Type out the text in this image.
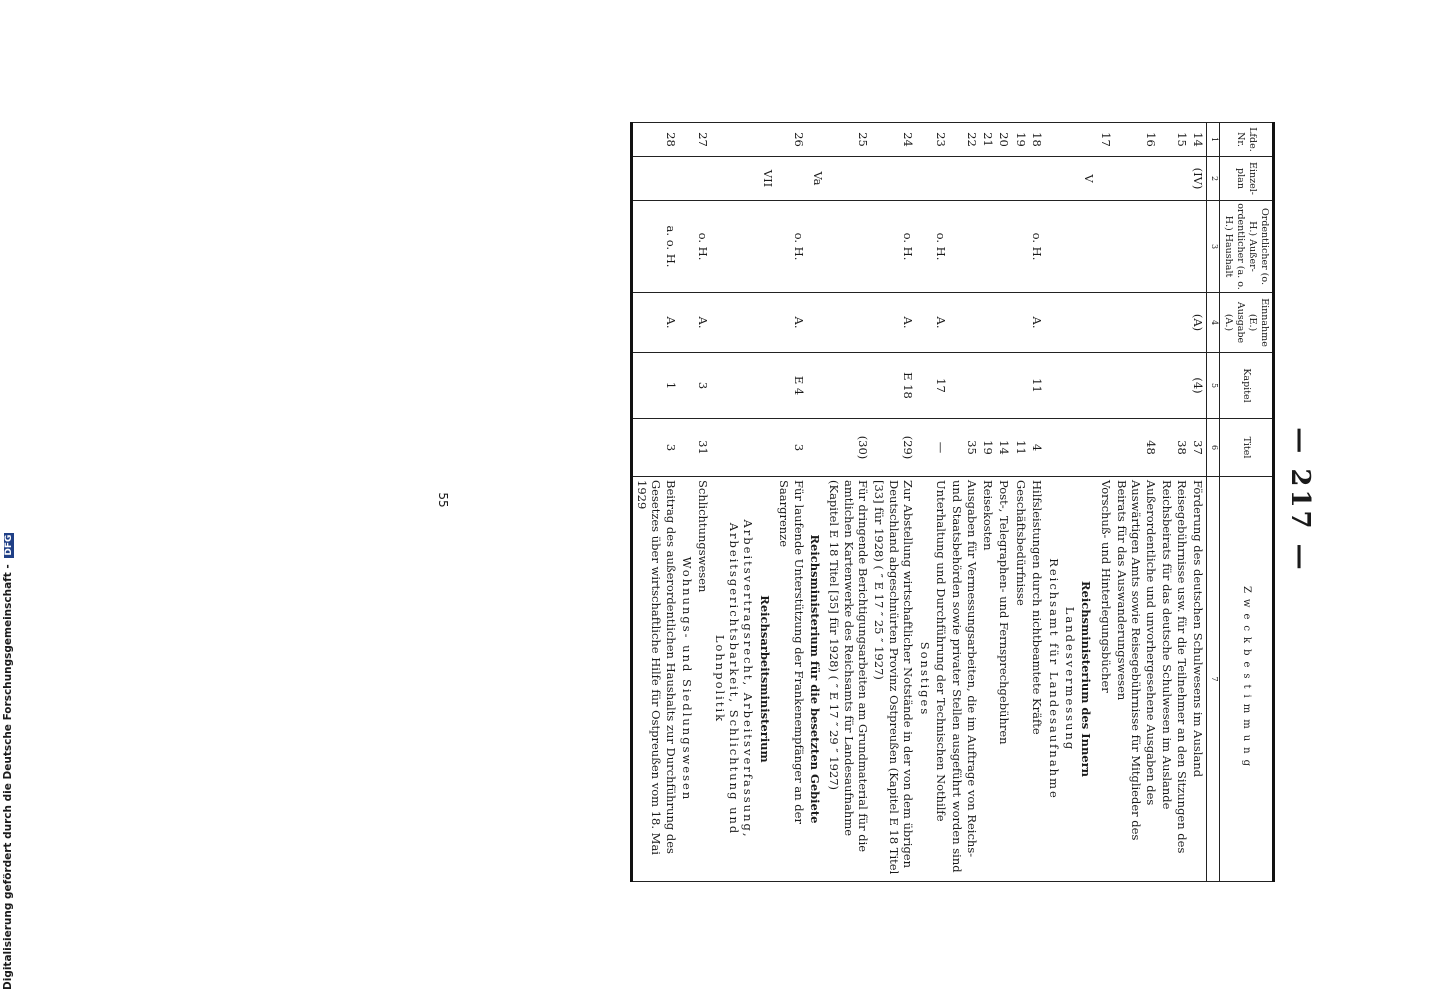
— 217 —
Lfde. Nr.	Einzel-plan	Ordentlicher (o. H.) Außer-ordentlicher (a. o. H.) Haushalt	Einnahme (E.) Ausgabe (A.)	Kapitel	Titel	Zweckbestimmung
1	2	3	4	5	6	7
14	(IV)		(A)	(4)	37	Förderung des deutschen Schulwesens im Ausland
15					38	Reisegebührnisse usw. für die Teilnehmer an den Sitzungen des Reichsbeirats für das deutsche Schulwesen im Auslande
16					48	Außerordentliche und unvorhergesehene Ausgaben des Auswärtigen Amts sowie Reisegebührnisse für Mitglieder des Beirats für das Auswanderungswesen
17						Vorschuß- und Hinterlegungsbücher
	V					Reichsministerium des Innern
						Landesvermessung
						Reichsamt für Landesaufnahme
18		o. H.	A.	11	4	Hilfsleistungen durch nichtbeamtete Kräfte
19					11	Geschäftsbedürfnisse
20					14	Post-, Telegraphen- und Fernsprechgebühren
21					19	Reisekosten
22					35	Ausgaben für Vermessungsarbeiten, die im Auftrage von Reichs- und Staatsbehörden sowie privater Stellen ausgeführt worden sind
23		o. H.	A.	17	—	Unterhaltung und Durchführung der Technischen Nothilfe
						Sonstiges
24		o. H.	A.	E 18	(29)	Zur Abstellung wirtschaftlicher Notstände in der von dem übrigen Deutschland abgeschnürten Provinz Ostpreußen (Kapitel E 18 Titel [33] für 1928) ( ″ E 17 ″ 25 ″ 1927)
25					(30)	Für dringende Berichtigungsarbeiten am Grundmaterial für die amtlichen Kartenwerke des Reichsamts für Landesaufnahme (Kapitel E 18 Titel [35] für 1928) ( ″ E 17 ″ 29 ″ 1927)
	Va					Reichsministerium für die besetzten Gebiete
26		o. H.	A.	E 4	3	Für laufende Unterstützung der Frankenempfänger an der Saargrenze
	VII					Reichsarbeitsministerium
						Arbeitsvertragsrecht, Arbeitsverfassung, Arbeitsgerichtsbarkeit, Schlichtung und Lohnpolitik
27		o. H.	A.	3	31	Schlichtungswesen
						Wohnungs- und Siedlungswesen
28		a. o. H.	A.	1	3	Beitrag des außerordentlichen Haushalts zur Durchführung des Gesetzes über wirtschaftliche Hilfe für Ostpreußen vom 18. Mai 1929
55
Digitalisierung gefördert durch die Deutsche Forschungsgemeinschaft - DFG
